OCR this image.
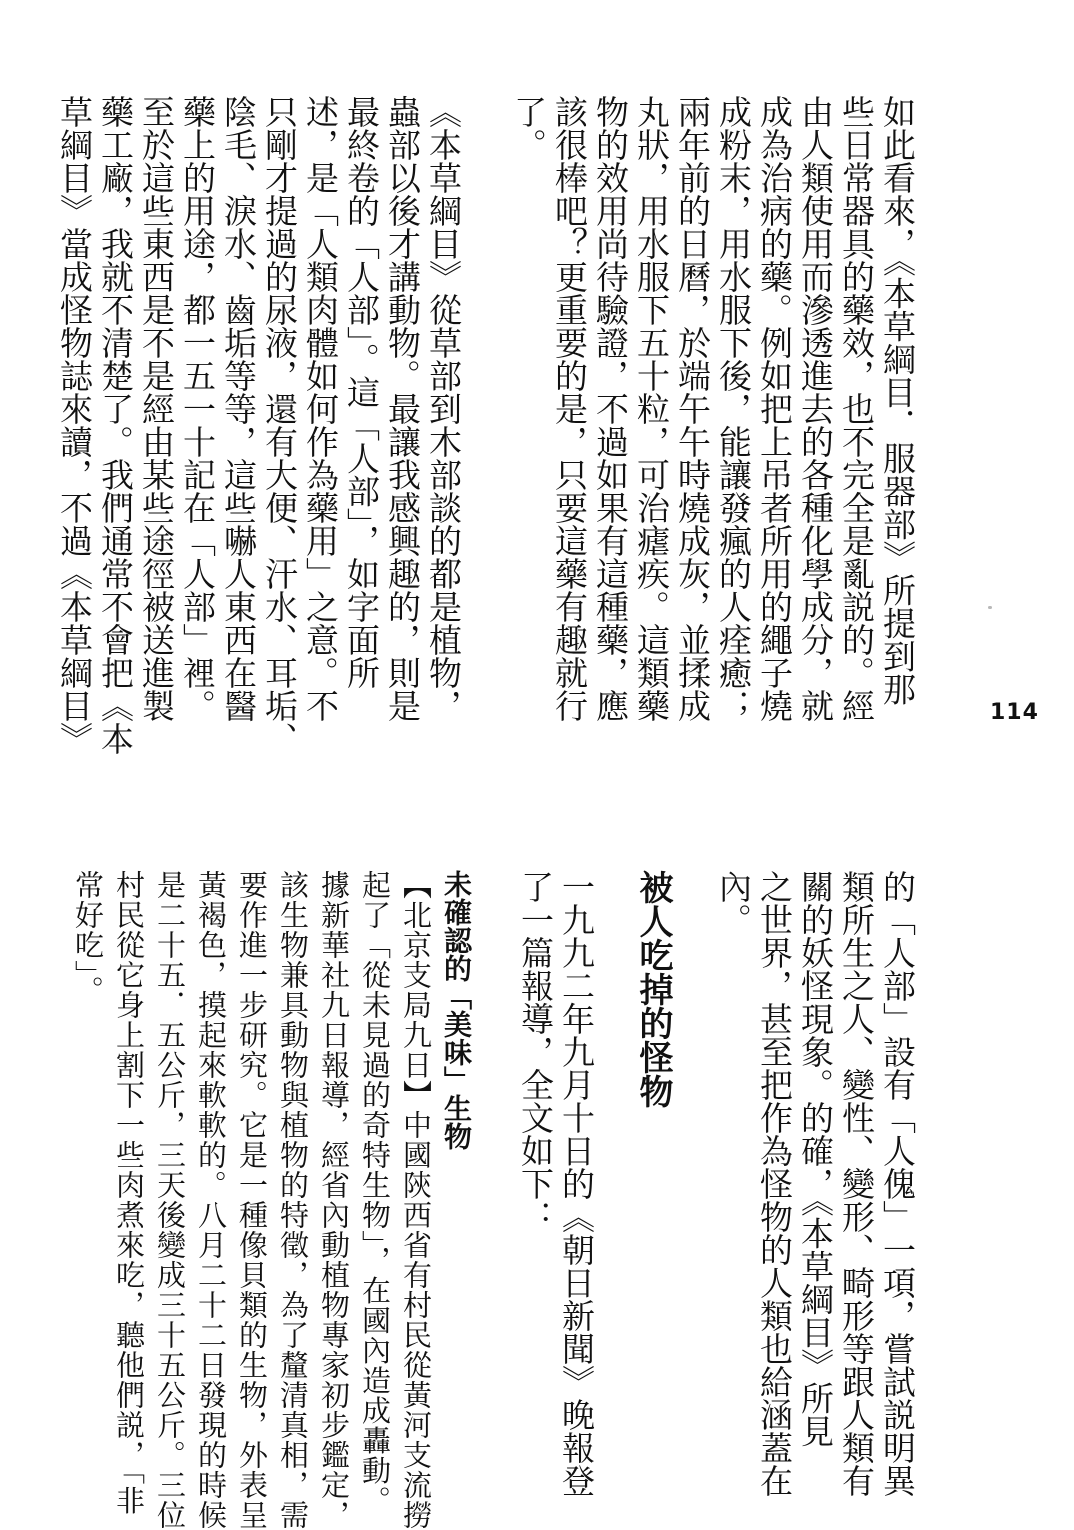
如此看來，《本草綱目．服器部》所提到那
些日常器具的藥效，也不完全是亂説的。經
由人類使用而滲透進去的各種化學成分，就
成為治病的藥。例如把上吊者所用的繩子燒
成粉末，用水服下後，能讓發瘋的人痊癒；
兩年前的日曆，於端午午時燒成灰，並揉成
丸狀，用水服下五十粒，可治瘧疾。這類藥
物的效用尚待驗證，不過如果有這種藥，應
該很棒吧？更重要的是，只要這藥有趣就行
了。
《本草綱目》從草部到木部談的都是植物，
蟲部以後才講動物。最讓我感興趣的，則是
最終卷的「人部」。這「人部」，如字面所
述，是「人類肉體如何作為藥用」之意。不
只剛才提過的尿液，還有大便、汗水、耳垢、
陰毛、淚水、齒垢等等，這些嚇人東西在醫
藥上的用途，都一五一十記在「人部」裡。
至於這些東西是不是經由某些途徑被送進製
藥工廠，我就不清楚了。我們通常不會把《本
草綱目》當成怪物誌來讀，不過《本草綱目》	114
的「人部」設有「人傀」一項，嘗試説明異
類所生之人、變性、變形、畸形等跟人類有
關的妖怪現象。的確，《本草綱目》所見
之世界，甚至把作為怪物的人類也給涵蓋在
內。
被人吃掉的怪物
一九九二年九月十日的《朝日新聞》晚報登
了一篇報導，全文如下：
未確認的「美味」生物
【北京支局九日】中國陝西省有村民從黃河支流撈
起了「從未見過的奇特生物」，在國內造成轟動。
據新華社九日報導，經省內動植物專家初步鑑定，
該生物兼具動物與植物的特徵，為了釐清真相，需
要作進一步研究。它是一種像貝類的生物，外表呈
黃褐色，摸起來軟軟的。八月二十二日發現的時候
是二十五．五公斤，三天後變成三十五公斤。三位
村民從它身上割下一些肉煮來吃，聽他們説，「非
常好吃」。
